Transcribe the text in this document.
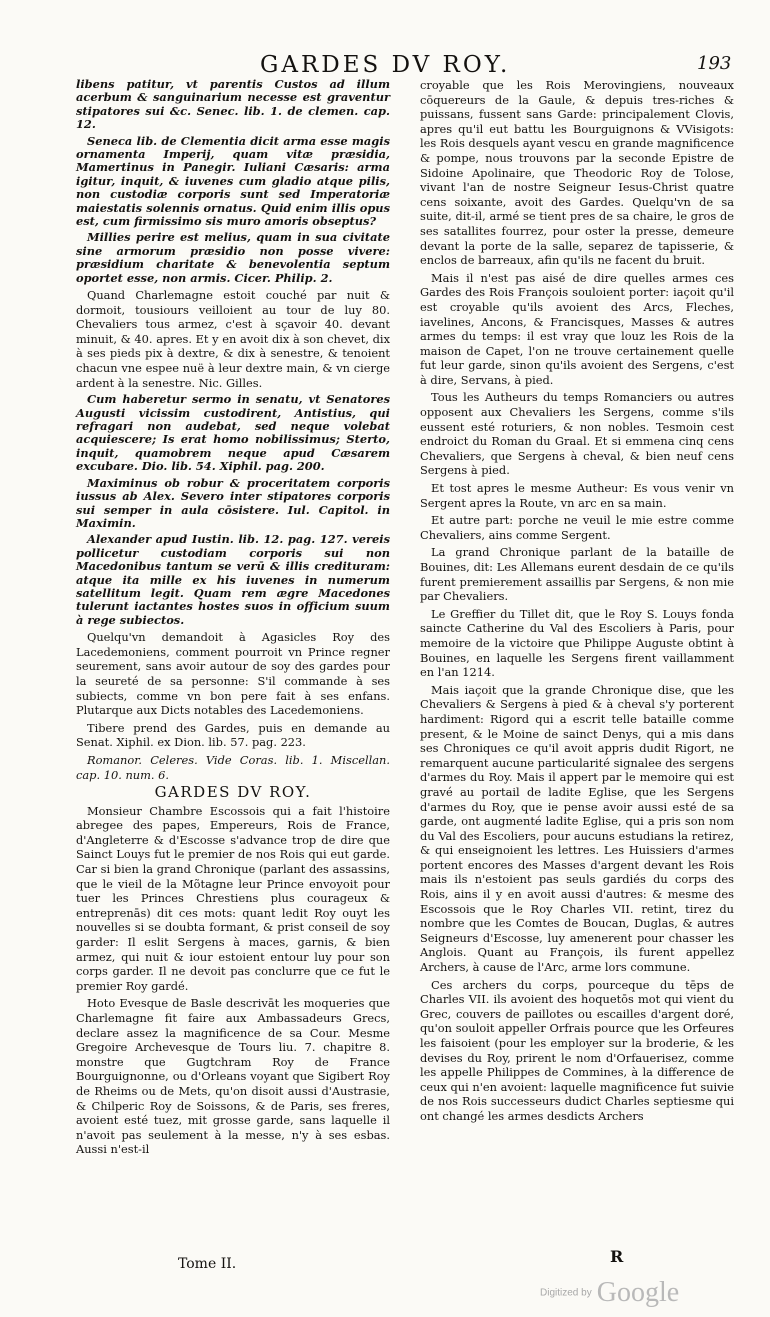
GARDES DV ROY.	193

libens patitur, vt parentis Custos ad illum acerbum & sanguinarium necesse est graventur stipatores sui &c. Senec. lib. 1. de clemen. cap. 12.

Seneca lib. de Clementia dicit arma esse magis ornamenta Imperij, quam vitæ præsidia, Mamertinus in Panegir. Iuliani Cæsaris: arma igitur, inquit, & iuvenes cum gladio atque pilis, non custodiæ corporis sunt sed Imperatoriæ maiestatis solennis ornatus. Quid enim illis opus est, cum firmissimo sis muro amoris obseptus?

Millies perire est melius, quam in sua civitate sine armorum præsidio non posse vivere: præsidium charitate & benevolentia septum oportet esse, non armis. Cicer. Philip. 2.

Quand Charlemagne estoit couché par nuit & dormoit, tousiours veilloient au tour de luy 80. Chevaliers tous armez, c'est à sçavoir 40. devant minuit, & 40. apres. Et y en avoit dix à son chevet, dix à ses pieds pix à dextre, & dix à senestre, & tenoient chacun vne espee nuë à leur dextre main, & vn cierge ardent à la senestre. Nic. Gilles.

Cum haberetur sermo in senatu, vt Senatores Augusti vicissim custodirent, Antistius, qui refragari non audebat, sed neque volebat acquiescere; Is erat homo nobilissimus; Sterto, inquit, quamobrem neque apud Cæsarem excubare. Dio. lib. 54. Xiphil. pag. 200.

Maximinus ob robur & proceritatem corporis iussus ab Alex. Severo inter stipatores corporis sui semper in aula cōsistere. Iul. Capitol. in Maximin.

Alexander apud Iustin. lib. 12. pag. 127. vereis pollicetur custodiam corporis sui non Macedonibus tantum se verū & illis credituram: atque ita mille ex his iuvenes in numerum satellitum legit. Quam rem ægre Macedones tulerunt iactantes hostes suos in officium suum à rege subiectos.

Quelqu'vn demandoit à Agasicles Roy des Lacedemoniens, comment pourroit vn Prince regner seurement, sans avoir autour de soy des gardes pour la seureté de sa personne: S'il commande à ses subiects, comme vn bon pere fait à ses enfans. Plutarque aux Dicts notables des Lacedemoniens.

Tibere prend des Gardes, puis en demande au Senat. Xiphil. ex Dion. lib. 57. pag. 223.

Romanor. Celeres. Vide Coras. lib. 1. Miscellan. cap. 10. num. 6.

GARDES DV ROY.

Monsieur Chambre Escossois qui a fait l'histoire abregee des papes, Empereurs, Rois de France, d'Angleterre & d'Escosse s'advance trop de dire que Sainct Louys fut le premier de nos Rois qui eut garde. Car si bien la grand Chronique (parlant des assassins, que le vieil de la Mõtagne leur Prince envoyoit pour tuer les Princes Chrestiens plus courageux & entreprenās) dit ces mots: quant ledit Roy ouyt les nouvelles si se doubta formant, & prist conseil de soy garder: Il eslit Sergens à maces, garnis, & bien armez, qui nuit & iour estoient entour luy pour son corps garder. Il ne devoit pas conclurre que ce fut le premier Roy gardé.

Hoto Evesque de Basle descrivāt les moqueries que Charlemagne fit faire aux Ambassadeurs Grecs, declare assez la magnificence de sa Cour. Mesme Gregoire Archevesque de Tours liu. 7. chapitre 8. monstre que Gugtchram Roy de France Bourguignonne, ou d'Orleans voyant que Sigibert Roy de Rheims ou de Mets, qu'on disoit aussi d'Austrasie, & Chilperic Roy de Soissons, & de Paris, ses freres, avoient esté tuez, mit grosse garde, sans laquelle il n'avoit pas seulement à la messe, n'y à ses esbas. Aussi n'est-il

croyable que les Rois Merovingiens, nouveaux cōquereurs de la Gaule, & depuis tres-riches & puissans, fussent sans Garde: principalement Clovis, apres qu'il eut battu les Bourguignons & VVisigots: les Rois desquels ayant vescu en grande magnificence & pompe, nous trouvons par la seconde Epistre de Sidoine Apolinaire, que Theodoric Roy de Tolose, vivant l'an de nostre Seigneur Iesus-Christ quatre cens soixante, avoit des Gardes. Quelqu'vn de sa suite, dit-il, armé se tient pres de sa chaire, le gros de ses satallites fourrez, pour oster la presse, demeure devant la porte de la salle, separez de tapisserie, & enclos de barreaux, afin qu'ils ne facent du bruit.

Mais il n'est pas aisé de dire quelles armes ces Gardes des Rois François souloient porter: iaçoit qu'il est croyable qu'ils avoient des Arcs, Fleches, iavelines, Ancons, & Francisques, Masses & autres armes du temps: il est vray que louz les Rois de la maison de Capet, l'on ne trouve certainement quelle fut leur garde, sinon qu'ils avoient des Sergens, c'est à dire, Servans, à pied.

Tous les Autheurs du temps Romanciers ou autres opposent aux Chevaliers les Sergens, comme s'ils eussent esté roturiers, & non nobles. Tesmoin cest endroict du Roman du Graal. Et si emmena cinq cens Chevaliers, que Sergens à cheval, & bien neuf cens Sergens à pied.

Et tost apres le mesme Autheur: Es vous venir vn Sergent apres la Route, vn arc en sa main.

Et autre part: porche ne veuil le mie estre comme Chevaliers, ains comme Sergent.

La grand Chronique parlant de la bataille de Bouines, dit: Les Allemans eurent desdain de ce qu'ils furent premierement assaillis par Sergens, & non mie par Chevaliers.

Le Greffier du Tillet dit, que le Roy S. Louys fonda saincte Catherine du Val des Escoliers à Paris, pour memoire de la victoire que Philippe Auguste obtint à Bouines, en laquelle les Sergens firent vaillamment en l'an 1214.

Mais iaçoit que la grande Chronique dise, que les Chevaliers & Sergens à pied & à cheval s'y porterent hardiment: Rigord qui a escrit telle bataille comme present, & le Moine de sainct Denys, qui a mis dans ses Chroniques ce qu'il avoit appris dudit Rigort, ne remarquent aucune particularité signalee des sergens d'armes du Roy. Mais il appert par le memoire qui est gravé au portail de ladite Eglise, que les Sergens d'armes du Roy, que ie pense avoir aussi esté de sa garde, ont augmenté ladite Eglise, qui a pris son nom du Val des Escoliers, pour aucuns estudians la retirez, & qui enseignoient les lettres. Les Huissiers d'armes portent encores des Masses d'argent devant les Rois mais ils n'estoient pas seuls gardiés du corps des Rois, ains il y en avoit aussi d'autres: & mesme des Escossois que le Roy Charles VII. retint, tirez du nombre que les Comtes de Boucan, Duglas, & autres Seigneurs d'Escosse, luy amenerent pour chasser les Anglois. Quant au François, ils furent appellez Archers, à cause de l'Arc, arme lors commune.

Ces archers du corps, pourceque du tēps de Charles VII. ils avoient des hoquetōs mot qui vient du Grec, couvers de paillotes ou escailles d'argent doré, qu'on souloit appeller Orfrais pource que les Orfeures les faisoient (pour les employer sur la broderie, & les devises du Roy, prirent le nom d'Orfauerisez, comme les appelle Philippes de Commines, à la difference de ceux qui n'en avoient: laquelle magnificence fut suivie de nos Rois successeurs dudict Charles septiesme qui ont changé les armes desdicts Archers

Tome II.	R
Digitized by Google
